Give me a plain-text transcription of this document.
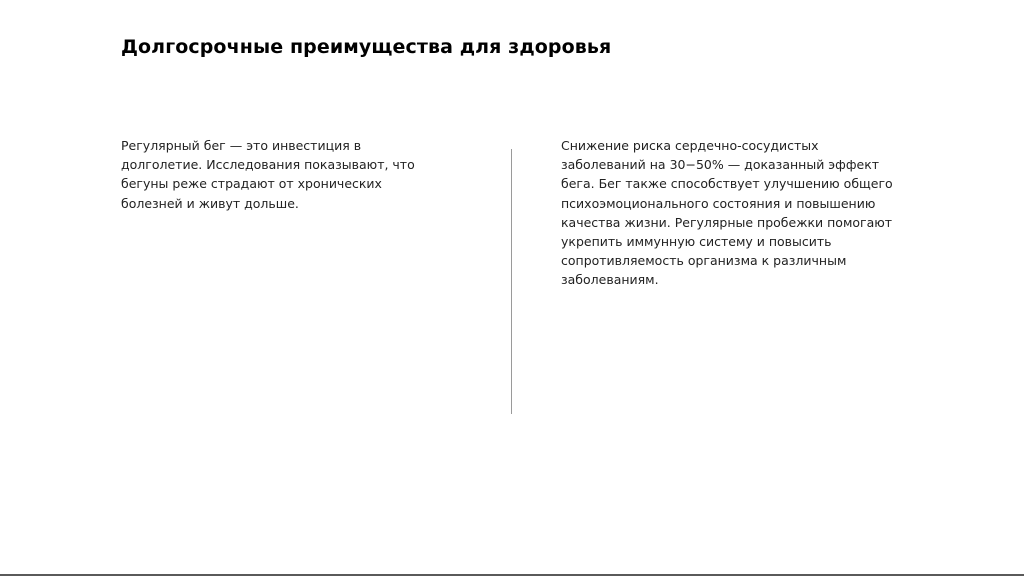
Долгосрочные преимущества для здоровья

Регулярный бег — это инвестиция в долголетие. Исследования показывают, что бегуны реже страдают от хронических болезней и живут дольше.

Снижение риска сердечно-сосудистых заболеваний на 30−50% — доказанный эффект бега. Бег также способствует улучшению общего психоэмоционального состояния и повышению качества жизни. Регулярные пробежки помогают укрепить иммунную систему и повысить сопротивляемость организма к различным заболеваниям.
